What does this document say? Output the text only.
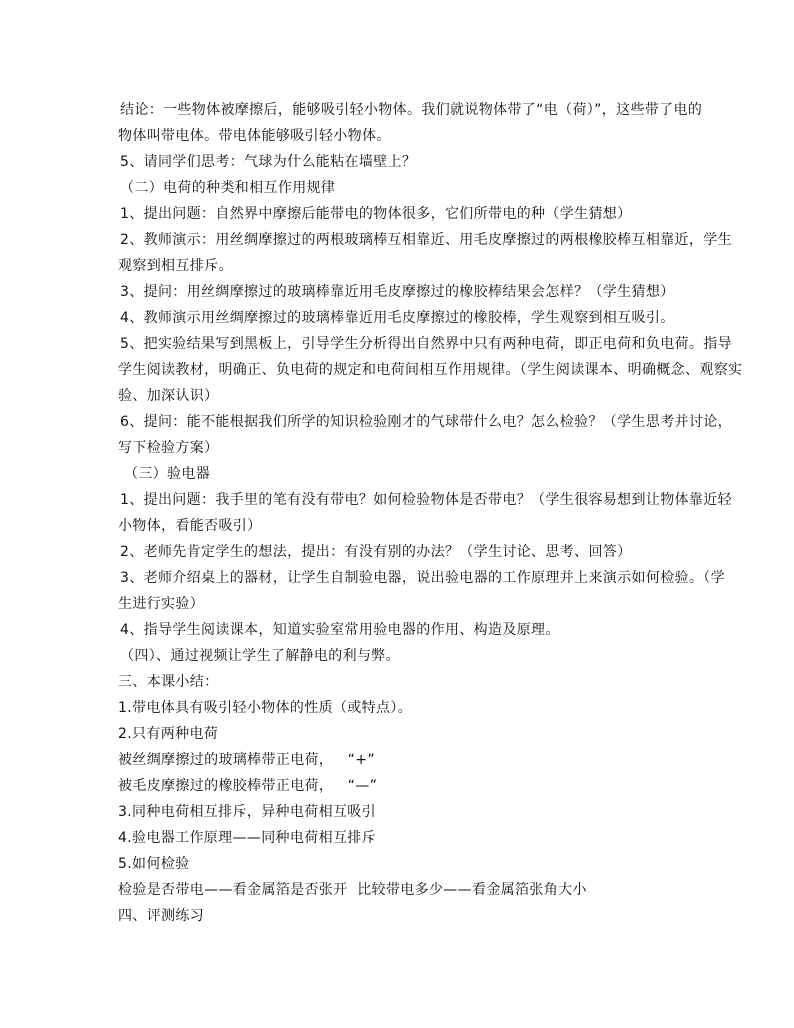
结论：一些物体被摩擦后，能够吸引轻小物体。我们就说物体带了“电（荷）”，这些带了电的
物体叫带电体。带电体能够吸引轻小物体。
5、请同学们思考：气球为什么能粘在墙壁上？
（二）电荷的种类和相互作用规律
1、提出问题：自然界中摩擦后能带电的物体很多，它们所带电的种（学生猜想）
2、教师演示：用丝绸摩擦过的两根玻璃棒互相靠近、用毛皮摩擦过的两根橡胶棒互相靠近，学生
观察到相互排斥。
3、提问：用丝绸摩擦过的玻璃棒靠近用毛皮摩擦过的橡胶棒结果会怎样？（学生猜想）
4、教师演示用丝绸摩擦过的玻璃棒靠近用毛皮摩擦过的橡胶棒，学生观察到相互吸引。
5、把实验结果写到黑板上，引导学生分析得出自然界中只有两种电荷，即正电荷和负电荷。指导
学生阅读教材，明确正、负电荷的规定和电荷间相互作用规律。（学生阅读课本、明确概念、观察实
验、加深认识）
6、提问：能不能根据我们所学的知识检验刚才的气球带什么电？怎么检验？（学生思考并讨论，
写下检验方案）
（三）验电器
1、提出问题：我手里的笔有没有带电？如何检验物体是否带电？（学生很容易想到让物体靠近轻
小物体，看能否吸引）
2、老师先肯定学生的想法，提出：有没有别的办法？（学生讨论、思考、回答）
3、老师介绍桌上的器材，让学生自制验电器，说出验电器的工作原理并上来演示如何检验。（学
生进行实验）
4、指导学生阅读课本，知道实验室常用验电器的作用、构造及原理。
（四）、通过视频让学生了解静电的利与弊。
三、本课小结：
1.带电体具有吸引轻小物体的性质（或特点）。
2.只有两种电荷
被丝绸摩擦过的玻璃棒带正电荷，   “+”
被毛皮摩擦过的橡胶棒带正电荷，   “—”
3.同种电荷相互排斥，异种电荷相互吸引
4.验电器工作原理——同种电荷相互排斥
5.如何检验
检验是否带电——看金属箔是否张开  比较带电多少——看金属箔张角大小
四、评测练习
